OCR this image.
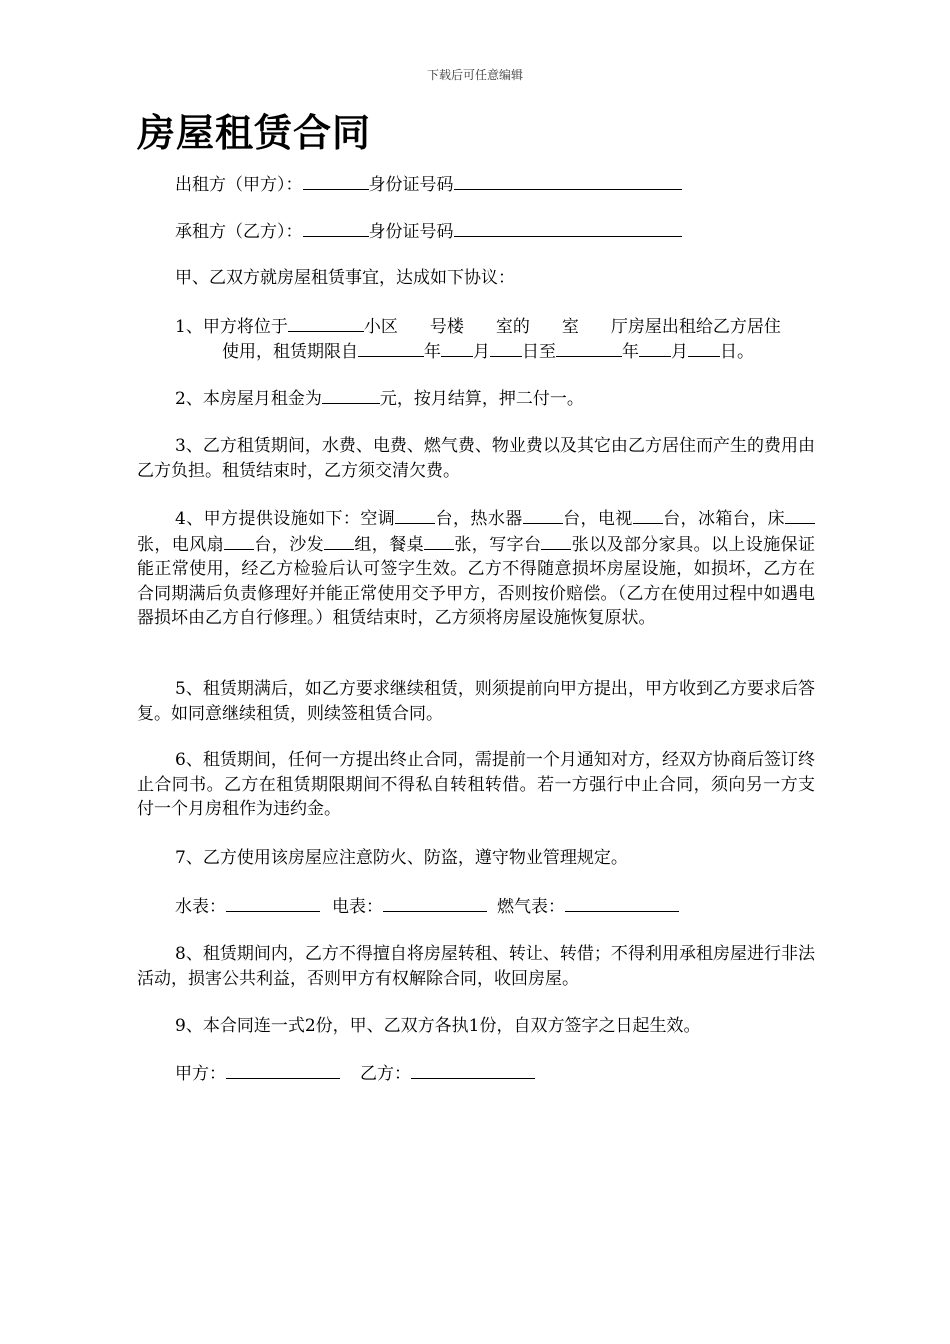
下载后可任意编辑
房屋租赁合同
出租方（甲方）：	身份证号码
承租方（乙方）：	身份证号码
甲、乙双方就房屋租赁事宜，达成如下协议：
1、甲方将位于	小区 号楼 室的 室 厅房屋出租给乙方居住
使用，租赁期限自	年 月 日至	年 月 日。
2、本房屋月租金为	元，按月结算，押二付一。
3、乙方租赁期间，水费、电费、燃气费、物业费以及其它由乙方居住而产生的费用由乙方负担。租赁结束时，乙方须交清欠费。
4、甲方提供设施如下：空调 台，热水器 台，电视 台，冰箱台，床张，电风扇 台，沙发 组，餐桌 张，写字台 张以及部分家具。以上设施保证能正常使用，经乙方检验后认可签字生效。乙方不得随意损坏房屋设施，如损坏，乙方在合同期满后负责修理好并能正常使用交予甲方，否则按价赔偿。（乙方在使用过程中如遇电器损坏由乙方自行修理。）租赁结束时，乙方须将房屋设施恢复原状。
5、租赁期满后，如乙方要求继续租赁，则须提前向甲方提出，甲方收到乙方要求后答复。如同意继续租赁，则续签租赁合同。
6、租赁期间，任何一方提出终止合同，需提前一个月通知对方，经双方协商后签订终止合同书。乙方在租赁期限期间不得私自转租转借。若一方强行中止合同，须向另一方支付一个月房租作为违约金。
7、乙方使用该房屋应注意防火、防盗，遵守物业管理规定。
水表：	电表：	燃气表：
8、租赁期间内，乙方不得擅自将房屋转租、转让、转借；不得利用承租房屋进行非法活动，损害公共利益，否则甲方有权解除合同，收回房屋。
9、本合同连一式2份，甲、乙双方各执1份，自双方签字之日起生效。
甲方：	乙方：
